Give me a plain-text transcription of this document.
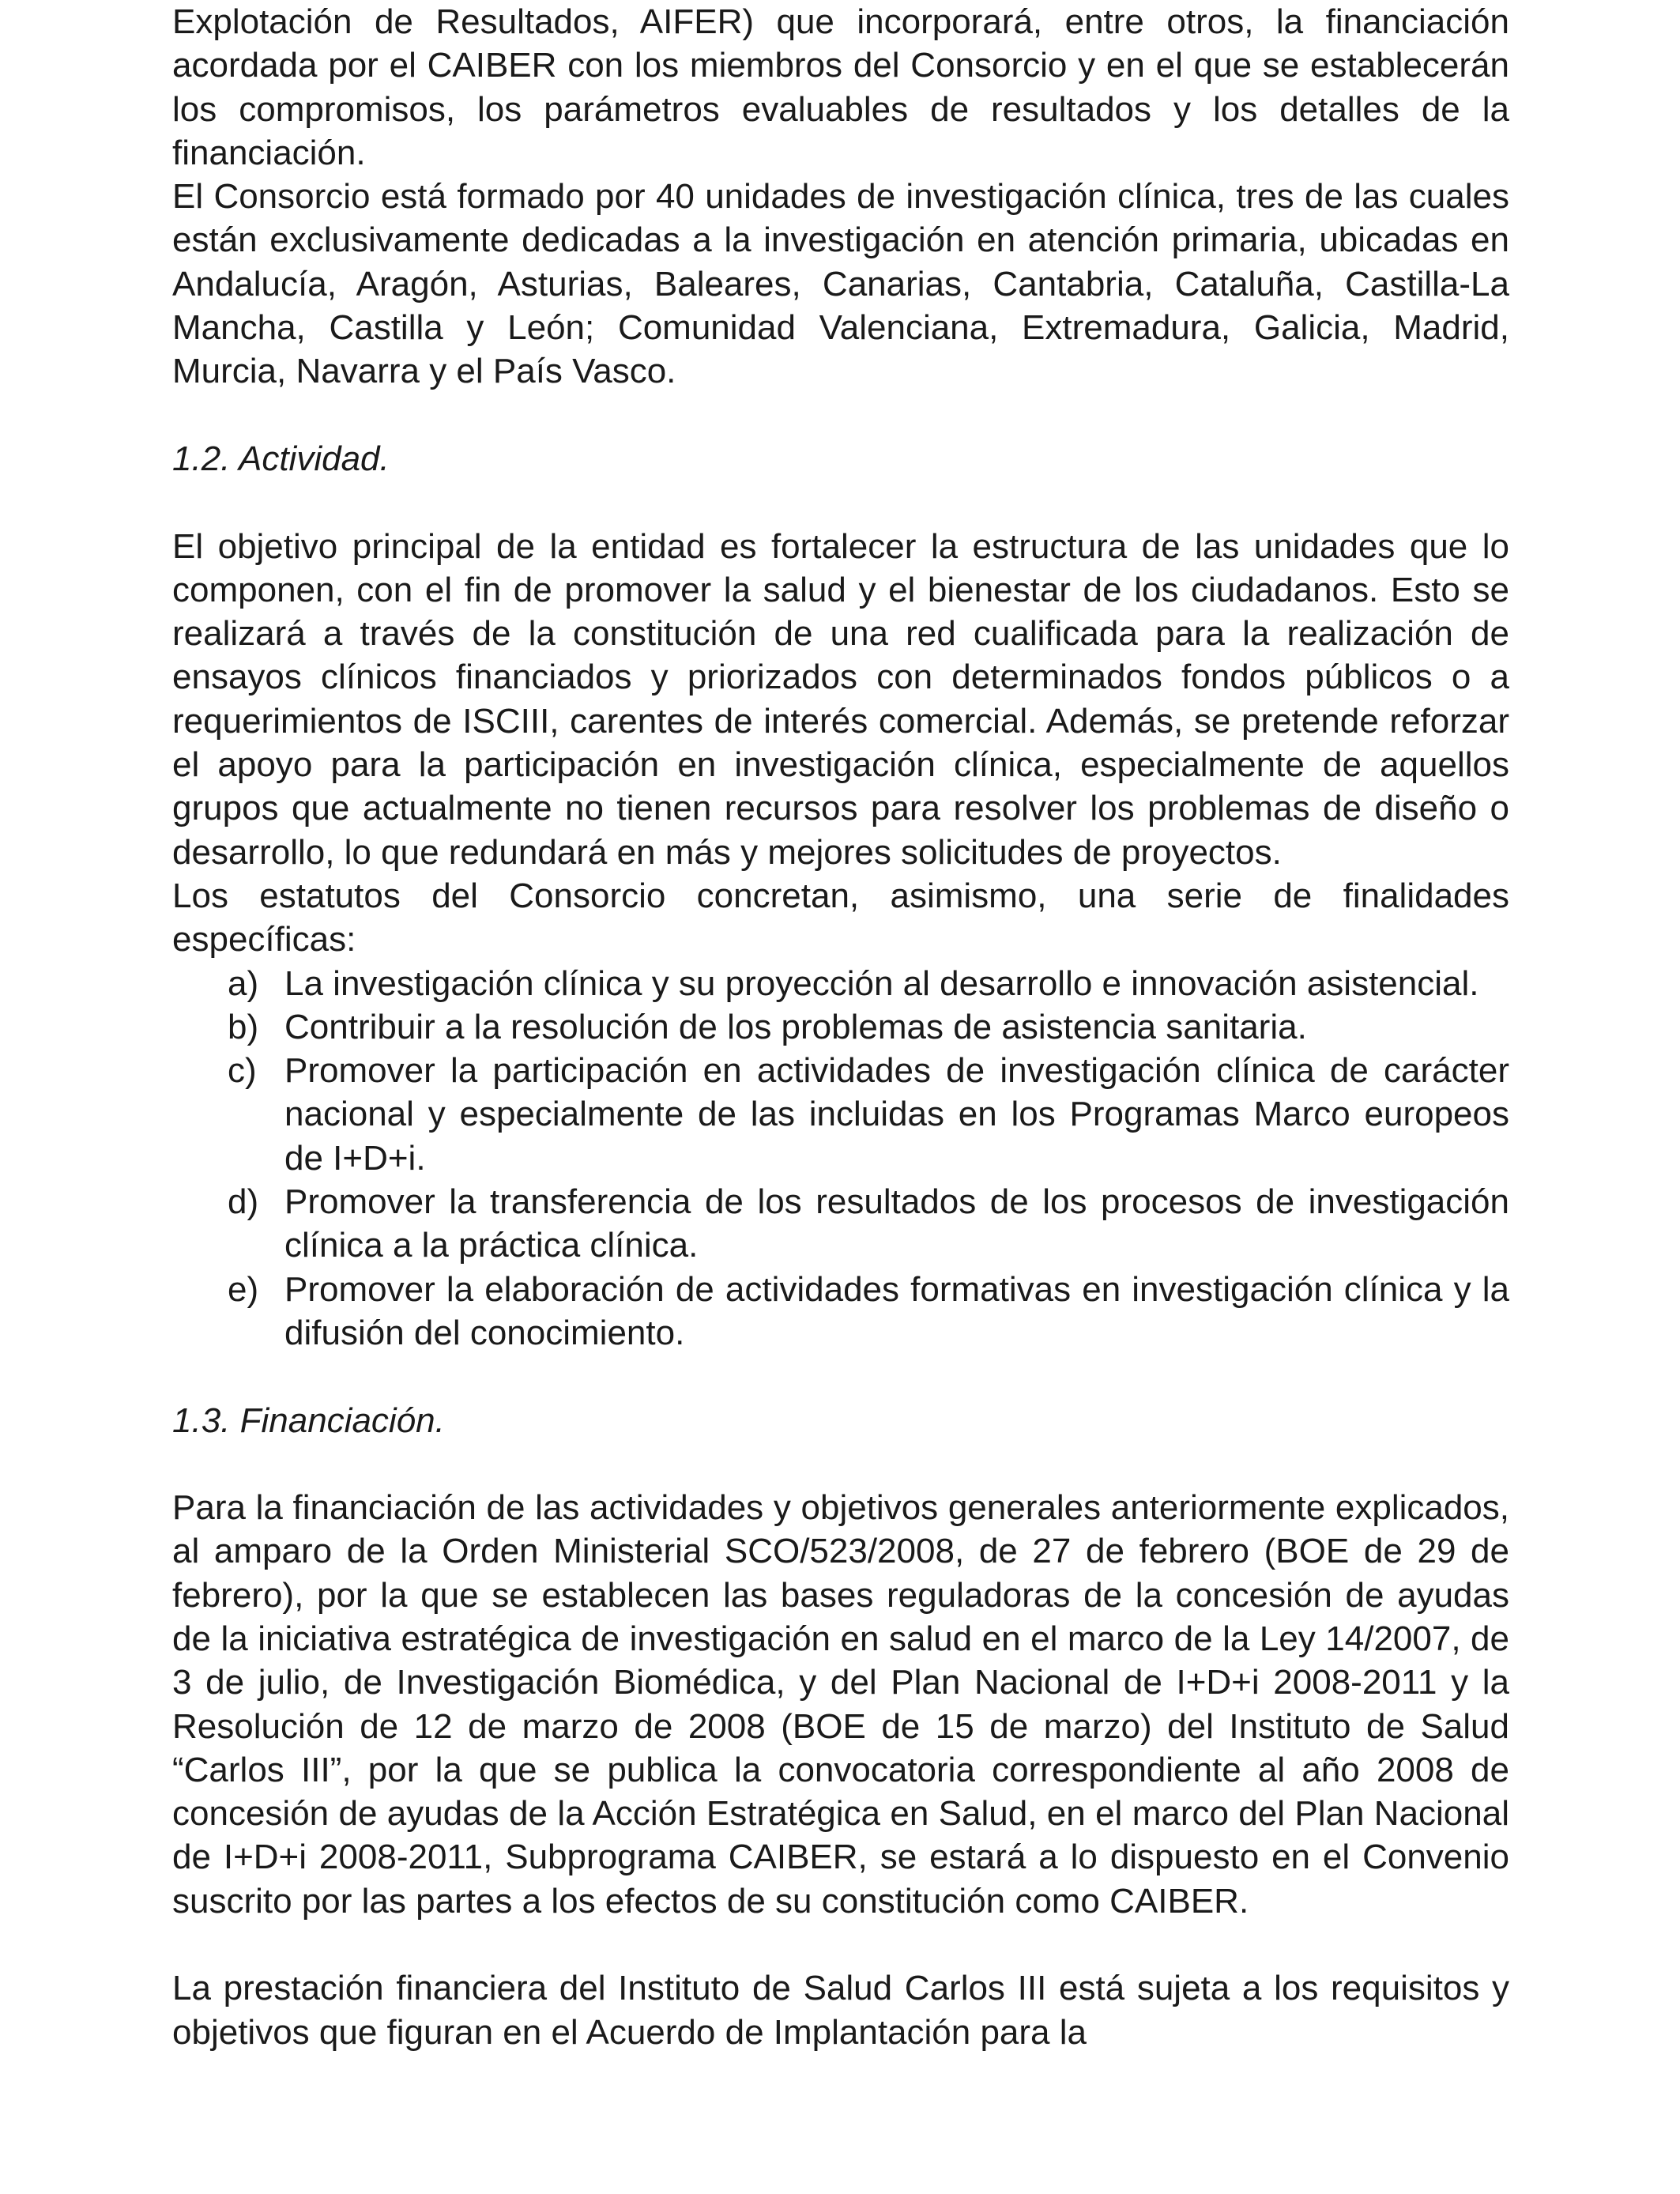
Explotación de Resultados, AIFER) que incorporará, entre otros, la financiación acordada por el CAIBER con los miembros del Consorcio y en el que se establecerán los compromisos, los parámetros evaluables de resultados y los detalles de la financiación.

El Consorcio está formado por 40 unidades de investigación clínica, tres de las cuales están exclusivamente dedicadas a la investigación en atención primaria, ubicadas en Andalucía, Aragón, Asturias, Baleares, Canarias, Cantabria, Cataluña, Castilla-La Mancha, Castilla y León; Comunidad Valenciana, Extremadura, Galicia, Madrid, Murcia, Navarra y el País Vasco.

1.2. Actividad.

El objetivo principal de la entidad es fortalecer la estructura de las unidades que lo componen, con el fin de promover la salud y el bienestar de los ciudadanos. Esto se realizará a través de la constitución de una red cualificada para la realización de ensayos clínicos financiados y priorizados con determinados fondos públicos o a requerimientos de ISCIII, carentes de interés comercial. Además, se pretende reforzar el apoyo para la participación en investigación clínica, especialmente de aquellos grupos que actualmente no tienen recursos para resolver los problemas de diseño o desarrollo, lo que redundará en más y mejores solicitudes de proyectos.

Los estatutos del Consorcio concretan, asimismo, una serie de finalidades específicas:

a) La investigación clínica y su proyección al desarrollo e innovación asistencial.
b) Contribuir a la resolución de los problemas de asistencia sanitaria.
c) Promover la participación en actividades de investigación clínica de carácter nacional y especialmente de las incluidas en los Programas Marco europeos de I+D+i.
d) Promover la transferencia de los resultados de los procesos de investigación clínica a la práctica clínica.
e) Promover la elaboración de actividades formativas en investigación clínica y la difusión del conocimiento.

1.3. Financiación.

Para la financiación de las actividades y objetivos generales anteriormente explicados, al amparo de la Orden Ministerial SCO/523/2008, de 27 de febrero (BOE de 29 de febrero), por la que se establecen las bases reguladoras de la concesión de ayudas de la iniciativa estratégica de investigación en salud en el marco de la Ley 14/2007, de 3 de julio, de Investigación Biomédica, y del Plan Nacional de I+D+i 2008-2011 y la Resolución de 12 de marzo de 2008 (BOE de 15 de marzo) del Instituto de Salud “Carlos III”, por la que se publica la convocatoria correspondiente al año 2008 de concesión de ayudas de la Acción Estratégica en Salud, en el marco del Plan Nacional de I+D+i 2008-2011, Subprograma CAIBER, se estará a lo dispuesto en el Convenio suscrito por las partes a los efectos de su constitución como CAIBER.

La prestación financiera del Instituto de Salud Carlos III está sujeta a los requisitos y objetivos que figuran en el Acuerdo de Implantación para la
